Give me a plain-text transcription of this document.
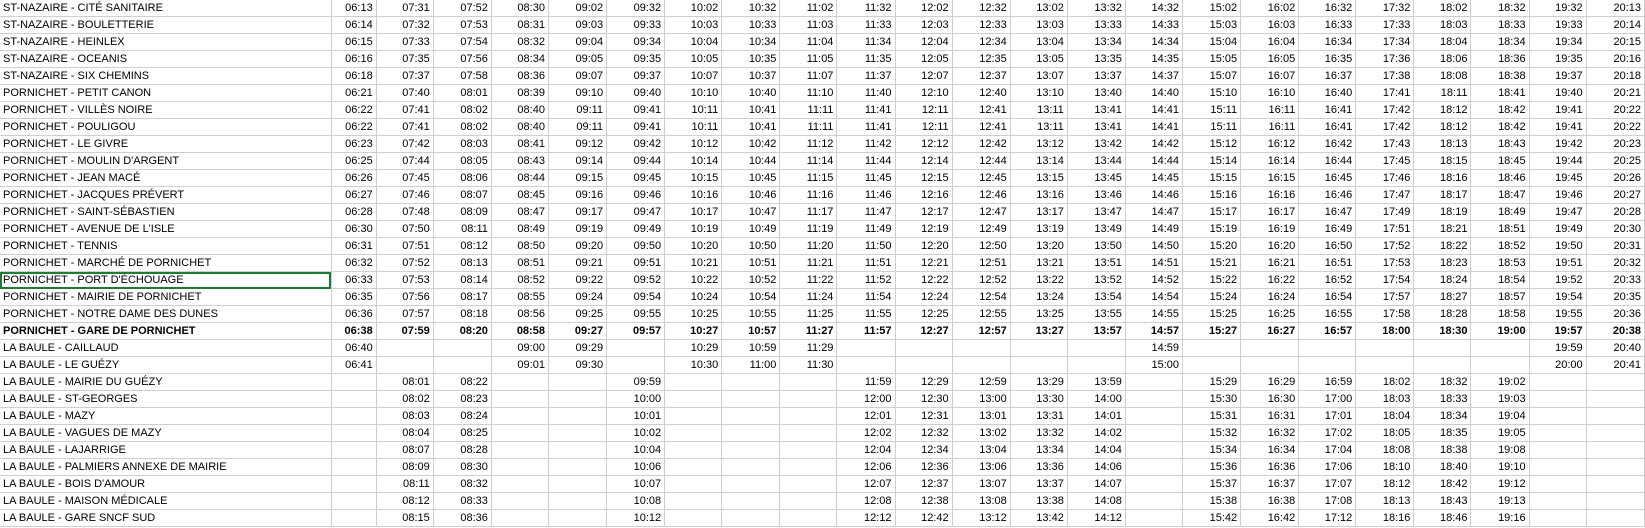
ST-NAZAIRE - CITÉ SANITAIRE	06:13	07:31	07:52	08:30	09:02	09:32	10:02	10:32	11:02	11:32	12:02	12:32	13:02	13:32	14:32	15:02	16:02	16:32	17:32	18:02	18:32	19:32	20:13
ST-NAZAIRE - BOULETTERIE	06:14	07:32	07:53	08:31	09:03	09:33	10:03	10:33	11:03	11:33	12:03	12:33	13:03	13:33	14:33	15:03	16:03	16:33	17:33	18:03	18:33	19:33	20:14
ST-NAZAIRE - HEINLEX	06:15	07:33	07:54	08:32	09:04	09:34	10:04	10:34	11:04	11:34	12:04	12:34	13:04	13:34	14:34	15:04	16:04	16:34	17:34	18:04	18:34	19:34	20:15
ST-NAZAIRE - OCEANIS	06:16	07:35	07:56	08:34	09:05	09:35	10:05	10:35	11:05	11:35	12:05	12:35	13:05	13:35	14:35	15:05	16:05	16:35	17:36	18:06	18:36	19:35	20:16
ST-NAZAIRE - SIX CHEMINS	06:18	07:37	07:58	08:36	09:07	09:37	10:07	10:37	11:07	11:37	12:07	12:37	13:07	13:37	14:37	15:07	16:07	16:37	17:38	18:08	18:38	19:37	20:18
PORNICHET - PETIT CANON	06:21	07:40	08:01	08:39	09:10	09:40	10:10	10:40	11:10	11:40	12:10	12:40	13:10	13:40	14:40	15:10	16:10	16:40	17:41	18:11	18:41	19:40	20:21
PORNICHET - VILLÈS NOIRE	06:22	07:41	08:02	08:40	09:11	09:41	10:11	10:41	11:11	11:41	12:11	12:41	13:11	13:41	14:41	15:11	16:11	16:41	17:42	18:12	18:42	19:41	20:22
PORNICHET - POULIGOU	06:22	07:41	08:02	08:40	09:11	09:41	10:11	10:41	11:11	11:41	12:11	12:41	13:11	13:41	14:41	15:11	16:11	16:41	17:42	18:12	18:42	19:41	20:22
PORNICHET - LE GIVRE	06:23	07:42	08:03	08:41	09:12	09:42	10:12	10:42	11:12	11:42	12:12	12:42	13:12	13:42	14:42	15:12	16:12	16:42	17:43	18:13	18:43	19:42	20:23
PORNICHET - MOULIN D'ARGENT	06:25	07:44	08:05	08:43	09:14	09:44	10:14	10:44	11:14	11:44	12:14	12:44	13:14	13:44	14:44	15:14	16:14	16:44	17:45	18:15	18:45	19:44	20:25
PORNICHET - JEAN MACÉ	06:26	07:45	08:06	08:44	09:15	09:45	10:15	10:45	11:15	11:45	12:15	12:45	13:15	13:45	14:45	15:15	16:15	16:45	17:46	18:16	18:46	19:45	20:26
PORNICHET - JACQUES PRÉVERT	06:27	07:46	08:07	08:45	09:16	09:46	10:16	10:46	11:16	11:46	12:16	12:46	13:16	13:46	14:46	15:16	16:16	16:46	17:47	18:17	18:47	19:46	20:27
PORNICHET - SAINT-SÉBASTIEN	06:28	07:48	08:09	08:47	09:17	09:47	10:17	10:47	11:17	11:47	12:17	12:47	13:17	13:47	14:47	15:17	16:17	16:47	17:49	18:19	18:49	19:47	20:28
PORNICHET - AVENUE DE L'ISLE	06:30	07:50	08:11	08:49	09:19	09:49	10:19	10:49	11:19	11:49	12:19	12:49	13:19	13:49	14:49	15:19	16:19	16:49	17:51	18:21	18:51	19:49	20:30
PORNICHET - TENNIS	06:31	07:51	08:12	08:50	09:20	09:50	10:20	10:50	11:20	11:50	12:20	12:50	13:20	13:50	14:50	15:20	16:20	16:50	17:52	18:22	18:52	19:50	20:31
PORNICHET - MARCHÉ DE PORNICHET	06:32	07:52	08:13	08:51	09:21	09:51	10:21	10:51	11:21	11:51	12:21	12:51	13:21	13:51	14:51	15:21	16:21	16:51	17:53	18:23	18:53	19:51	20:32
PORNICHET - PORT D'ÉCHOUAGE	06:33	07:53	08:14	08:52	09:22	09:52	10:22	10:52	11:22	11:52	12:22	12:52	13:22	13:52	14:52	15:22	16:22	16:52	17:54	18:24	18:54	19:52	20:33
PORNICHET - MAIRIE DE PORNICHET	06:35	07:56	08:17	08:55	09:24	09:54	10:24	10:54	11:24	11:54	12:24	12:54	13:24	13:54	14:54	15:24	16:24	16:54	17:57	18:27	18:57	19:54	20:35
PORNICHET - NOTRE DAME DES DUNES	06:36	07:57	08:18	08:56	09:25	09:55	10:25	10:55	11:25	11:55	12:25	12:55	13:25	13:55	14:55	15:25	16:25	16:55	17:58	18:28	18:58	19:55	20:36
PORNICHET - GARE DE PORNICHET	06:38	07:59	08:20	08:58	09:27	09:57	10:27	10:57	11:27	11:57	12:27	12:57	13:27	13:57	14:57	15:27	16:27	16:57	18:00	18:30	19:00	19:57	20:38
LA BAULE - CAILLAUD	06:40			09:00	09:29		10:29	10:59	11:29						14:59							19:59	20:40
LA BAULE - LE GUÉZY	06:41			09:01	09:30		10:30	11:00	11:30						15:00							20:00	20:41
LA BAULE - MAIRIE DU GUÉZY		08:01	08:22			09:59				11:59	12:29	12:59	13:29	13:59		15:29	16:29	16:59	18:02	18:32	19:02		
LA BAULE - ST-GEORGES		08:02	08:23			10:00				12:00	12:30	13:00	13:30	14:00		15:30	16:30	17:00	18:03	18:33	19:03		
LA BAULE - MAZY		08:03	08:24			10:01				12:01	12:31	13:01	13:31	14:01		15:31	16:31	17:01	18:04	18:34	19:04		
LA BAULE - VAGUES DE MAZY		08:04	08:25			10:02				12:02	12:32	13:02	13:32	14:02		15:32	16:32	17:02	18:05	18:35	19:05		
LA BAULE - LAJARRIGE		08:07	08:28			10:04				12:04	12:34	13:04	13:34	14:04		15:34	16:34	17:04	18:08	18:38	19:08		
LA BAULE - PALMIERS ANNEXE DE MAIRIE		08:09	08:30			10:06				12:06	12:36	13:06	13:36	14:06		15:36	16:36	17:06	18:10	18:40	19:10		
LA BAULE - BOIS D'AMOUR		08:11	08:32			10:07				12:07	12:37	13:07	13:37	14:07		15:37	16:37	17:07	18:12	18:42	19:12		
LA BAULE - MAISON MÉDICALE		08:12	08:33			10:08				12:08	12:38	13:08	13:38	14:08		15:38	16:38	17:08	18:13	18:43	19:13		
LA BAULE - GARE SNCF SUD		08:15	08:36			10:12				12:12	12:42	13:12	13:42	14:12		15:42	16:42	17:12	18:16	18:46	19:16		
